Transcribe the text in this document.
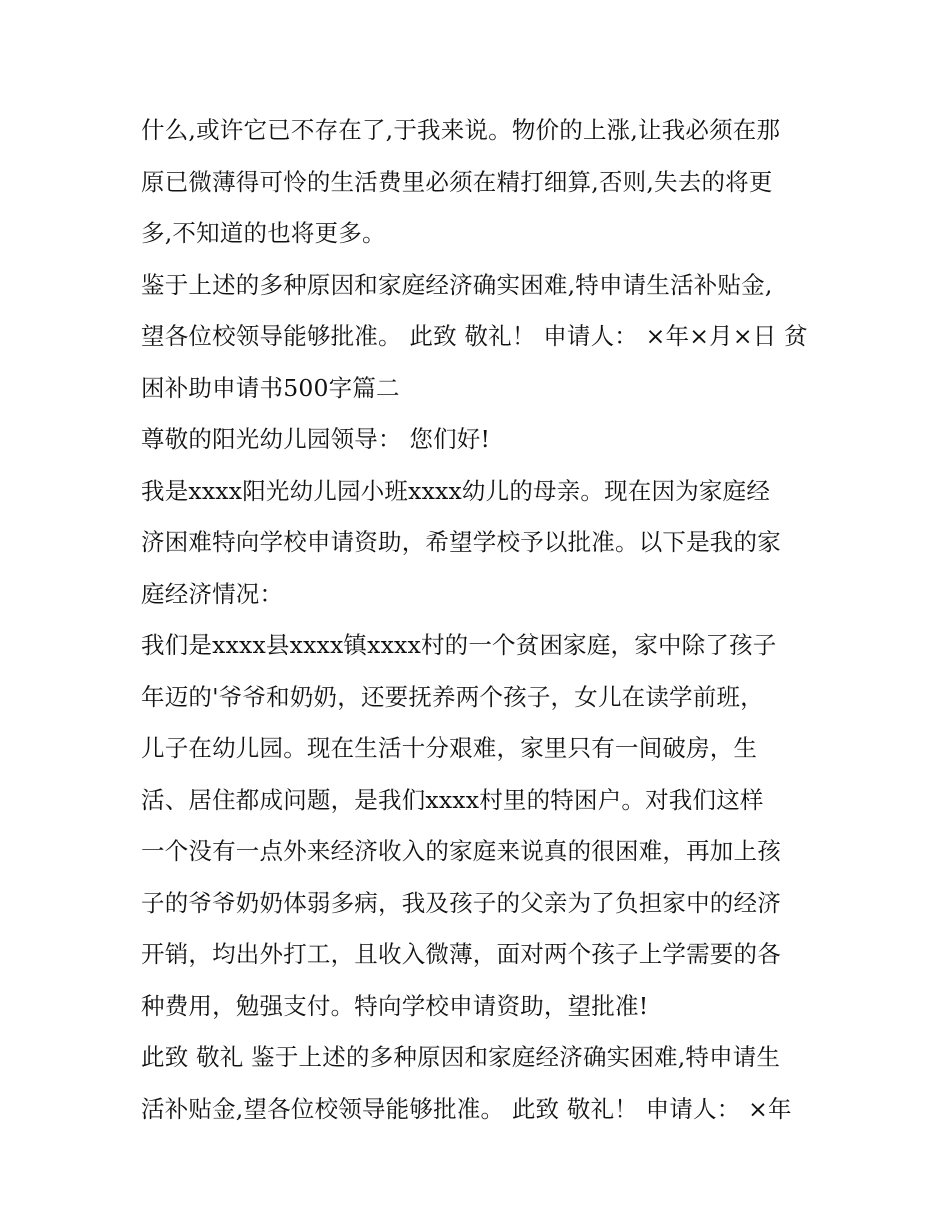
什么,或许它已不存在了,于我来说。物价的上涨,让我必须在那
原已微薄得可怜的生活费里必须在精打细算,否则,失去的将更
多,不知道的也将更多。
鉴于上述的多种原因和家庭经济确实困难,特申请生活补贴金,
望各位校领导能够批准。 此致 敬礼！ 申请人： ×年×月×日 贫
困补助申请书500字篇二
尊敬的阳光幼儿园领导： 您们好!
我是xxxx阳光幼儿园小班xxxx幼儿的母亲。现在因为家庭经
济困难特向学校申请资助，希望学校予以批准。以下是我的家
庭经济情况：
我们是xxxx县xxxx镇xxxx村的一个贫困家庭，家中除了孩子
年迈的'爷爷和奶奶，还要抚养两个孩子，女儿在读学前班，
儿子在幼儿园。现在生活十分艰难，家里只有一间破房，生
活、居住都成问题，是我们xxxx村里的特困户。对我们这样
一个没有一点外来经济收入的家庭来说真的很困难，再加上孩
子的爷爷奶奶体弱多病，我及孩子的父亲为了负担家中的经济
开销，均出外打工，且收入微薄，面对两个孩子上学需要的各
种费用，勉强支付。特向学校申请资助，望批准!
此致 敬礼 鉴于上述的多种原因和家庭经济确实困难,特申请生
活补贴金,望各位校领导能够批准。 此致 敬礼！ 申请人： ×年
